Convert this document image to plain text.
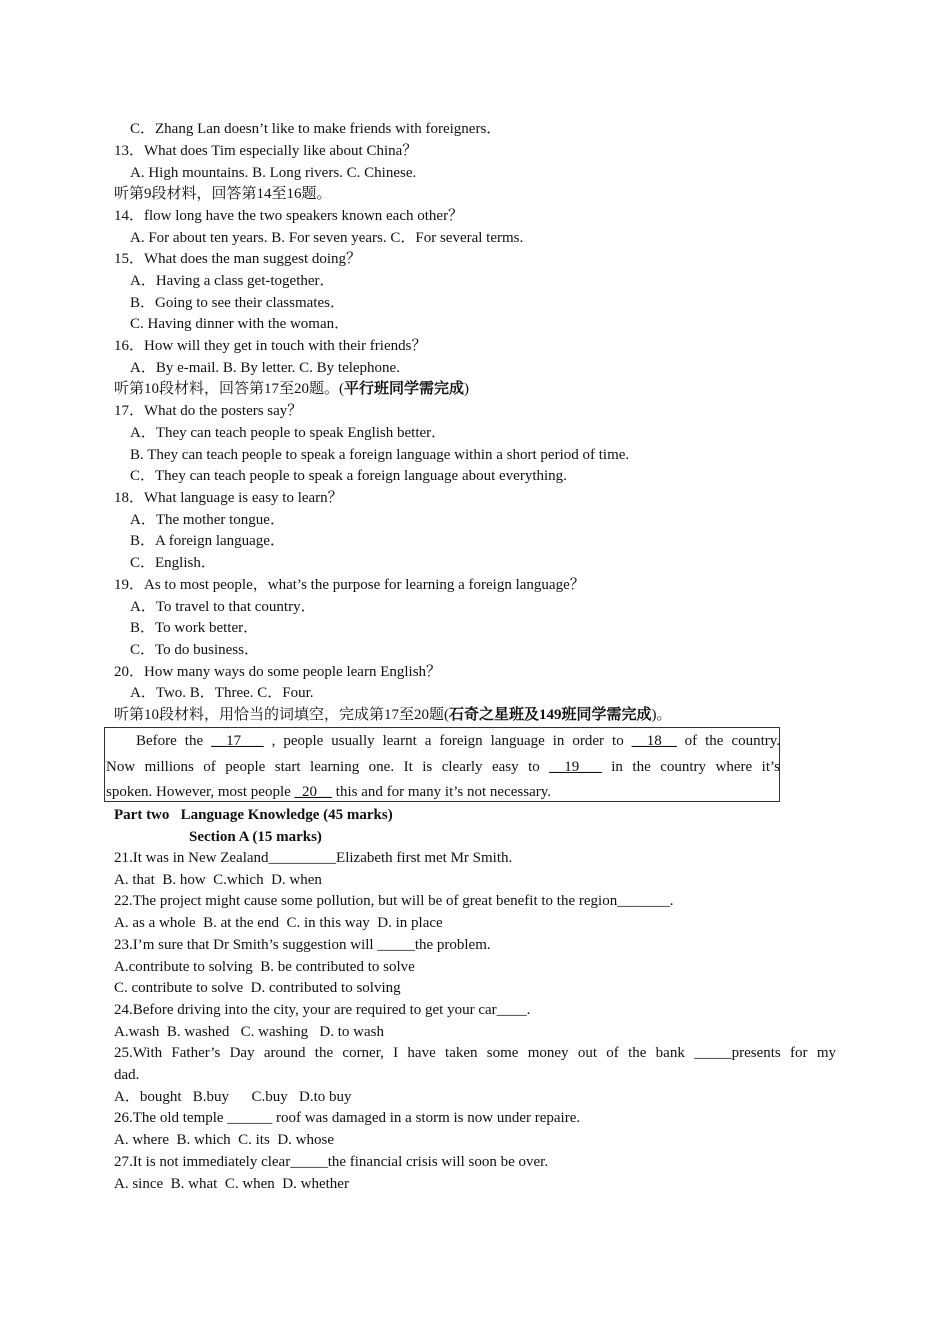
C．Zhang Lan doesn’t like to make friends with foreigners．
13．What does Tim especially like about China？
A. High mountains. B. Long rivers. C. Chinese.
听第9段材料，回答第14至16题。
14．flow long have the two speakers known each other？
A. For about ten years. B. For seven years. C．For several terms.
15．What does the man suggest doing？
A．Having a class get-together．
B．Going to see their classmates．
C. Having dinner with the woman．
16．How will they get in touch with their friends？
A．By e-mail. B. By letter. C. By telephone.
听第10段材料，回答第17至20题。(平行班同学需完成)
17．What do the posters say？
A．They can teach people to speak English better．
B. They can teach people to speak a foreign language within a short period of time.
C．They can teach people to speak a foreign language about everything.
18．What language is easy to learn？
A．The mother tongue．
B．A foreign language．
C．English．
19．As to most people，what’s the purpose for learning a foreign language？
A．To travel to that country．
B．To work better．
C．To do business．
20．How many ways do some people learn English？
A．Two. B．Three. C．Four.
听第10段材料，用恰当的词填空，完成第17至20题(石奇之星班及149班同学需完成)。
Before the __17___ , people usually learnt a foreign language in order to __18__ of the country.
Now millions of people start learning one. It is clearly easy to __19___ in the country where it’s
spoken. However, most people _20__ this and for many it’s not necessary.
Part two   Language Knowledge (45 marks)
Section A (15 marks)
21.It was in New Zealand_________Elizabeth first met Mr Smith.
A. that  B. how  C.which  D. when
22.The project might cause some pollution, but will be of great benefit to the region_______.
A. as a whole  B. at the end  C. in this way  D. in place
23.I’m sure that Dr Smith’s suggestion will _____the problem.
A.contribute to solving  B. be contributed to solve
C. contribute to solve  D. contributed to solving
24.Before driving into the city, your are required to get your car____.
A.wash  B. washed   C. washing   D. to wash
25.With Father’s Day around the corner, I have taken some money out of the bank _____presents for my
dad.
A．bought   B.buy      C.buy   D.to buy
26.The old temple ______ roof was damaged in a storm is now under repaire.
A. where  B. which  C. its  D. whose
27.It is not immediately clear_____the financial crisis will soon be over.
A. since  B. what  C. when  D. whether
